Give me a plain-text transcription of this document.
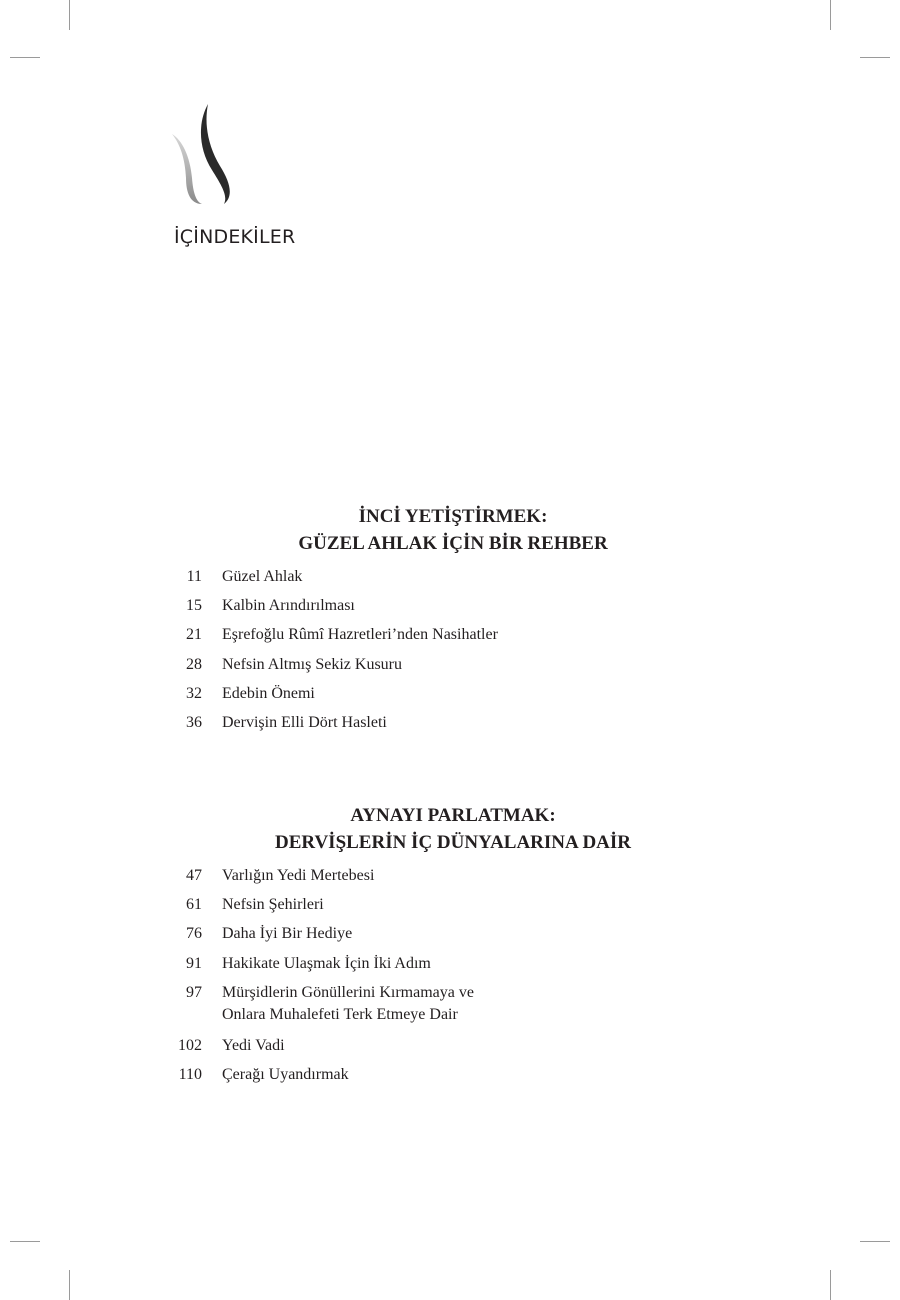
İÇİNDEKİLER
İNCİ YETİŞTİRMEK:
GÜZEL AHLAK İÇİN BİR REHBER
11 Güzel Ahlak
15 Kalbin Arındırılması
21 Eşrefoğlu Rûmî Hazretleri’nden Nasihatler
28 Nefsin Altmış Sekiz Kusuru
32 Edebin Önemi
36 Dervişin Elli Dört Hasleti
AYNAYI PARLATMAK:
DERVİŞLERİN İÇ DÜNYALARINA DAİR
47 Varlığın Yedi Mertebesi
61 Nefsin Şehirleri
76 Daha İyi Bir Hediye
91 Hakikate Ulaşmak İçin İki Adım
97 Mürşidlerin Gönüllerini Kırmamaya ve
Onlara Muhalefeti Terk Etmeye Dair
102 Yedi Vadi
110 Çerağı Uyandırmak
